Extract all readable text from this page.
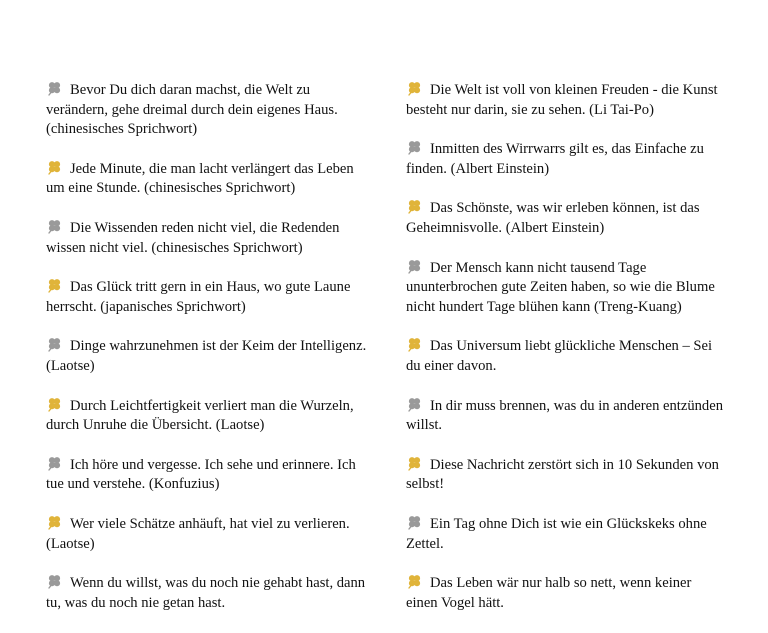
Bevor Du dich daran machst, die Welt zu verändern, gehe dreimal durch dein eigenes Haus. (chinesisches Sprichwort)
Jede Minute, die man lacht verlängert das Leben um eine Stunde. (chinesisches Sprichwort)
Die Wissenden reden nicht viel, die Redenden wissen nicht viel. (chinesisches Sprichwort)
Das Glück tritt gern in ein Haus, wo gute Laune herrscht. (japanisches Sprichwort)
Dinge wahrzunehmen ist der Keim der Intelligenz. (Laotse)
Durch Leichtfertigkeit verliert man die Wurzeln, durch Unruhe die Übersicht. (Laotse)
Ich höre und vergesse. Ich sehe und erinnere. Ich tue und verstehe. (Konfuzius)
Wer viele Schätze anhäuft, hat viel zu verlieren. (Laotse)
Wenn du willst, was du noch nie gehabt hast, dann tu, was du noch nie getan hast.
Die Welt ist voll von kleinen Freuden - die Kunst besteht nur darin, sie zu sehen. (Li Tai-Po)
Inmitten des Wirrwarrs gilt es, das Einfache zu finden. (Albert Einstein)
Das Schönste, was wir erleben können, ist das Geheimnisvolle. (Albert Einstein)
Der Mensch kann nicht tausend Tage ununterbrochen gute Zeiten haben, so wie die Blume nicht hundert Tage blühen kann (Treng-Kuang)
Das Universum liebt glückliche Menschen – Sei du einer davon.
In dir muss brennen, was du in anderen entzünden willst.
Diese Nachricht zerstört sich in 10 Sekunden von selbst!
Ein Tag ohne Dich ist wie ein Glückskeks ohne Zettel.
Das Leben wär nur halb so nett, wenn keiner einen Vogel hätt.
